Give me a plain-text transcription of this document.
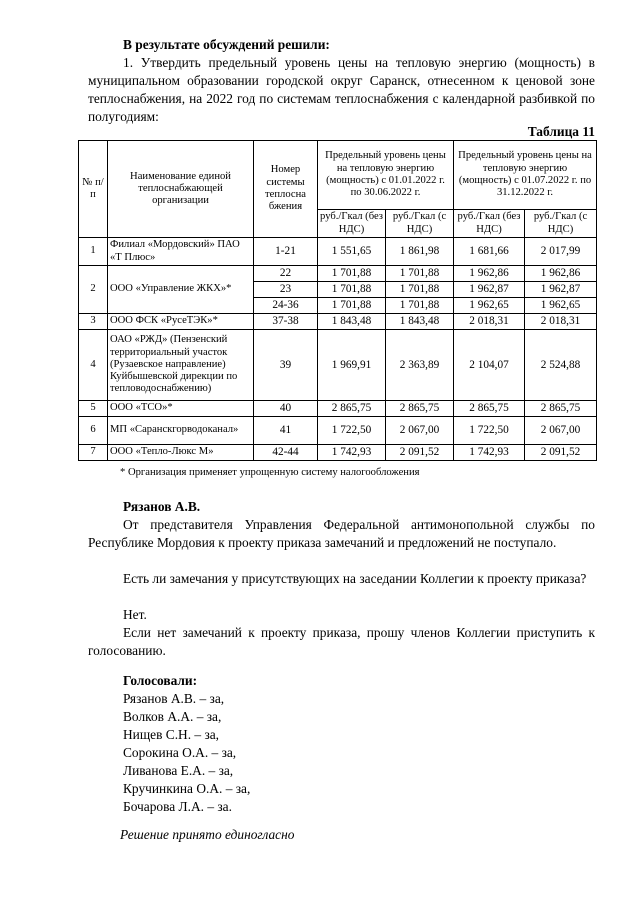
В результате обсуждений решили:
1. Утвердить предельный уровень цены на тепловую энергию (мощность) в муниципальном образовании городской округ Саранск, отнесенном к ценовой зоне теплоснабжения, на 2022 год по системам теплоснабжения с календарной разбивкой по полугодиям:
Таблица 11
№ п/п	Наименование единой теплоснабжающей организации	Номер системы теплосна бжения	Предельный уровень цены на тепловую энергию (мощность) с 01.01.2022 г. по 30.06.2022 г.		Предельный уровень цены на тепловую энергию (мощность) с 01.07.2022 г. по 31.12.2022 г.	
			руб./Гкал (без НДС)	руб./Гкал (с НДС)	руб./Гкал (без НДС)	руб./Гкал (с НДС)
1	Филиал «Мордовский» ПАО «Т Плюс»	1-21	1 551,65	1 861,98	1 681,66	2 017,99
2	ООО «Управление ЖКХ»*	22	1 701,88	1 701,88	1 962,86	1 962,86
		23	1 701,88	1 701,88	1 962,87	1 962,87
		24-36	1 701,88	1 701,88	1 962,65	1 962,65
3	ООО ФСК «РусеТЭК»*	37-38	1 843,48	1 843,48	2 018,31	2 018,31
4	ОАО «РЖД» (Пензенский территориальный участок (Рузаевское направление) Куйбышевской дирекции по тепловодоснабжению)	39	1 969,91	2 363,89	2 104,07	2 524,88
5	ООО «ТСО»*	40	2 865,75	2 865,75	2 865,75	2 865,75
6	МП «Саранскгорводоканал»	41	1 722,50	2 067,00	1 722,50	2 067,00
7	ООО «Тепло-Люкс М»	42-44	1 742,93	2 091,52	1 742,93	2 091,52
* Организация применяет упрощенную систему налогообложения
Рязанов А.В.
От представителя Управления Федеральной антимонопольной службы по Республике Мордовия к проекту приказа замечаний и предложений не поступало.
Есть ли замечания у присутствующих на заседании Коллегии к проекту приказа?
Нет.
Если нет замечаний к проекту приказа, прошу членов Коллегии приступить к голосованию.
Голосовали:
Рязанов А.В. – за,
Волков А.А. – за,
Нищев С.Н. – за,
Сорокина О.А. – за,
Ливанова Е.А. – за,
Кручинкина О.А. – за,
Бочарова Л.А. – за.
Решение принято единогласно
